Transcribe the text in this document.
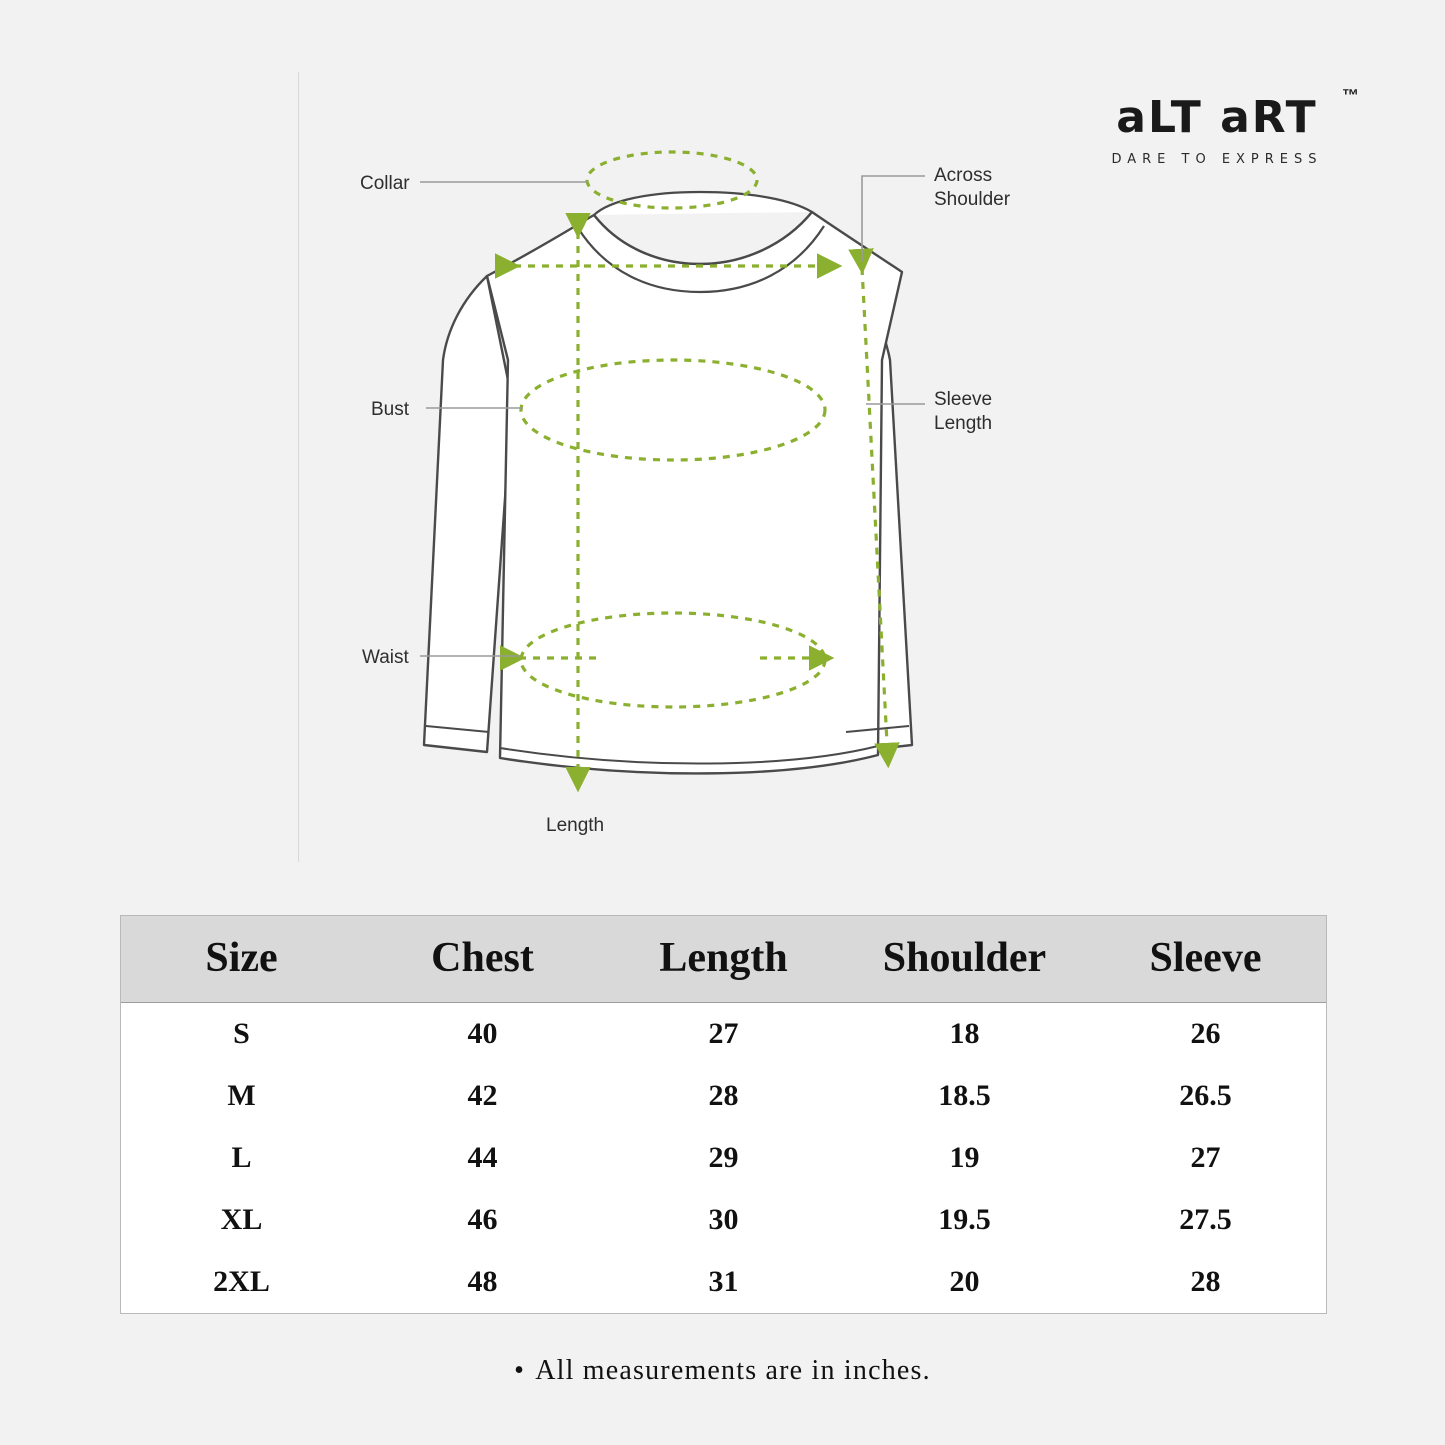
aLT aRT	™
DARE TO EXPRESS
Collar
Bust
Waist
Across Shoulder
Sleeve Length
Length
Size	Chest	Length	Shoulder	Sleeve
S	40	27	18	26
M	42	28	18.5	26.5
L	44	29	19	27
XL	46	30	19.5	27.5
2XL	48	31	20	28
• All measurements are in inches.
